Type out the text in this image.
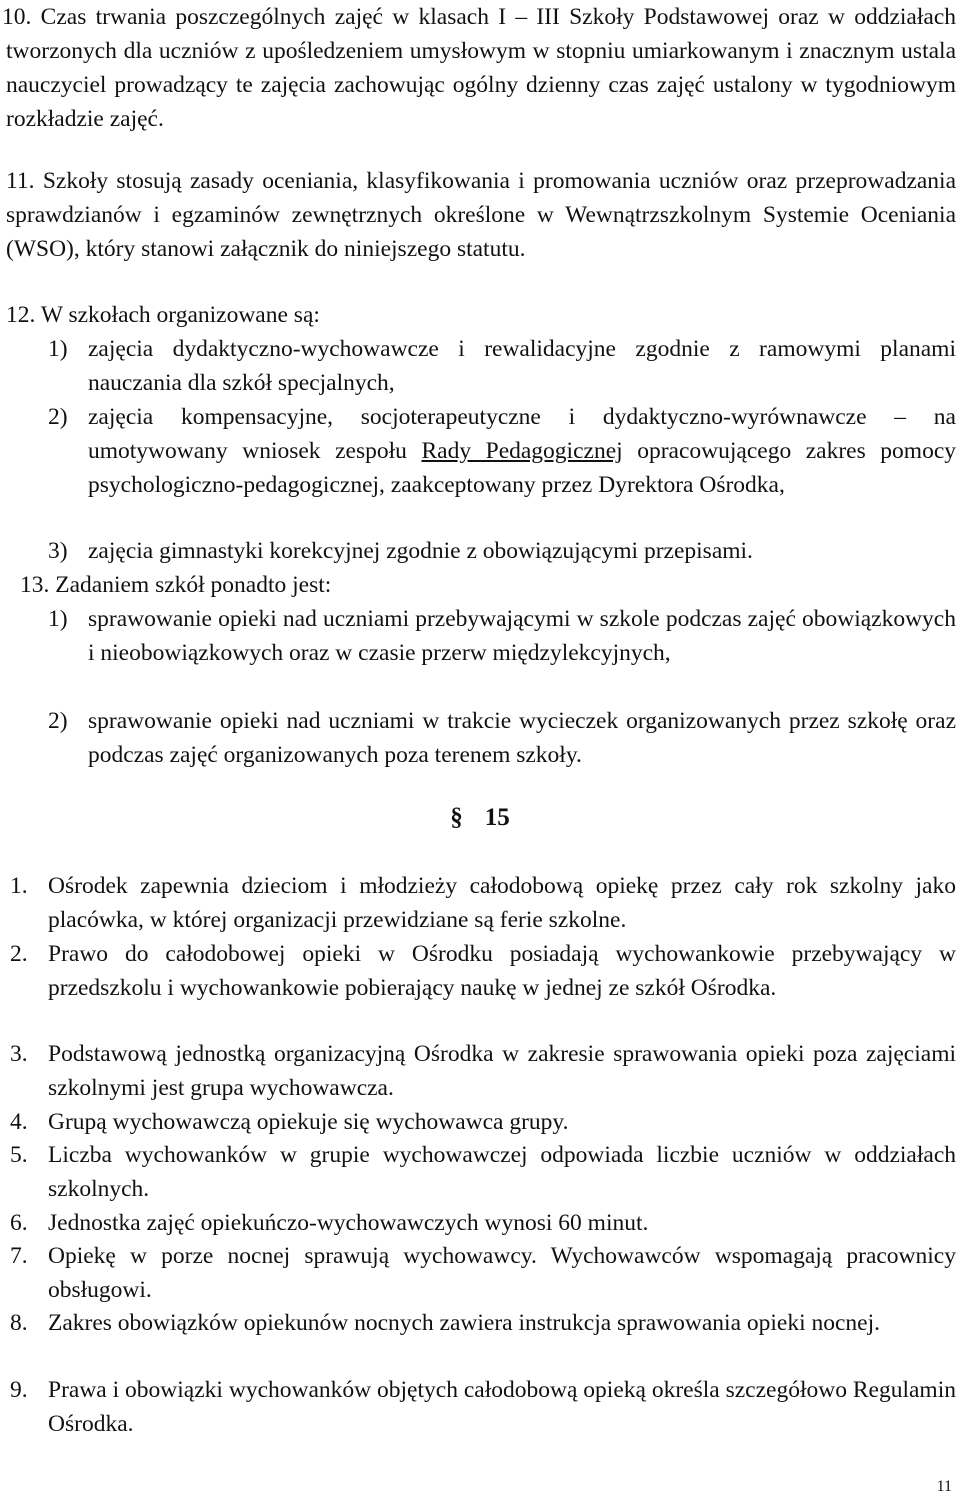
10. Czas trwania poszczególnych zajęć w klasach I – III Szkoły Podstawowej oraz w oddziałach tworzonych dla uczniów z upośledzeniem umysłowym w stopniu umiarkowanym i znacznym ustala nauczyciel prowadzący te zajęcia zachowując ogólny dzienny czas zajęć ustalony w tygodniowym rozkładzie zajęć.
11. Szkoły stosują zasady oceniania, klasyfikowania i promowania uczniów oraz przeprowadzania sprawdzianów i egzaminów zewnętrznych określone w Wewnątrzszkolnym Systemie Oceniania (WSO), który stanowi załącznik do niniejszego statutu.
12. W szkołach organizowane są:
1) zajęcia dydaktyczno-wychowawcze i rewalidacyjne zgodnie z ramowymi planami nauczania dla szkół specjalnych,
2) zajęcia kompensacyjne, socjoterapeutyczne i dydaktyczno-wyrównawcze – na umotywowany wniosek zespołu Rady Pedagogicznej opracowującego zakres pomocy psychologiczno-pedagogicznej, zaakceptowany przez Dyrektora Ośrodka,
3) zajęcia gimnastyki korekcyjnej zgodnie z obowiązującymi przepisami.
13. Zadaniem szkół ponadto jest:
1) sprawowanie opieki nad uczniami przebywającymi w szkole podczas zajęć obowiązkowych i nieobowiązkowych oraz w czasie przerw międzylekcyjnych,
2) sprawowanie opieki nad uczniami w trakcie wycieczek organizowanych przez szkołę oraz podczas zajęć organizowanych poza terenem szkoły.
§ 15
1. Ośrodek zapewnia dzieciom i młodzieży całodobową opiekę przez cały rok szkolny jako placówka, w której organizacji przewidziane są ferie szkolne.
2. Prawo do całodobowej opieki w Ośrodku posiadają wychowankowie przebywający w przedszkolu i wychowankowie pobierający naukę w jednej ze szkół Ośrodka.
3. Podstawową jednostką organizacyjną Ośrodka w zakresie sprawowania opieki poza zajęciami szkolnymi jest grupa wychowawcza.
4. Grupą wychowawczą opiekuje się wychowawca grupy.
5. Liczba wychowanków w grupie wychowawczej odpowiada liczbie uczniów w oddziałach szkolnych.
6. Jednostka zajęć opiekuńczo-wychowawczych wynosi 60 minut.
7. Opiekę w porze nocnej sprawują wychowawcy. Wychowawców wspomagają pracownicy obsługowi.
8. Zakres obowiązków opiekunów nocnych zawiera instrukcja sprawowania opieki nocnej.
9. Prawa i obowiązki wychowanków objętych całodobową opieką określa szczegółowo Regulamin Ośrodka.
11
